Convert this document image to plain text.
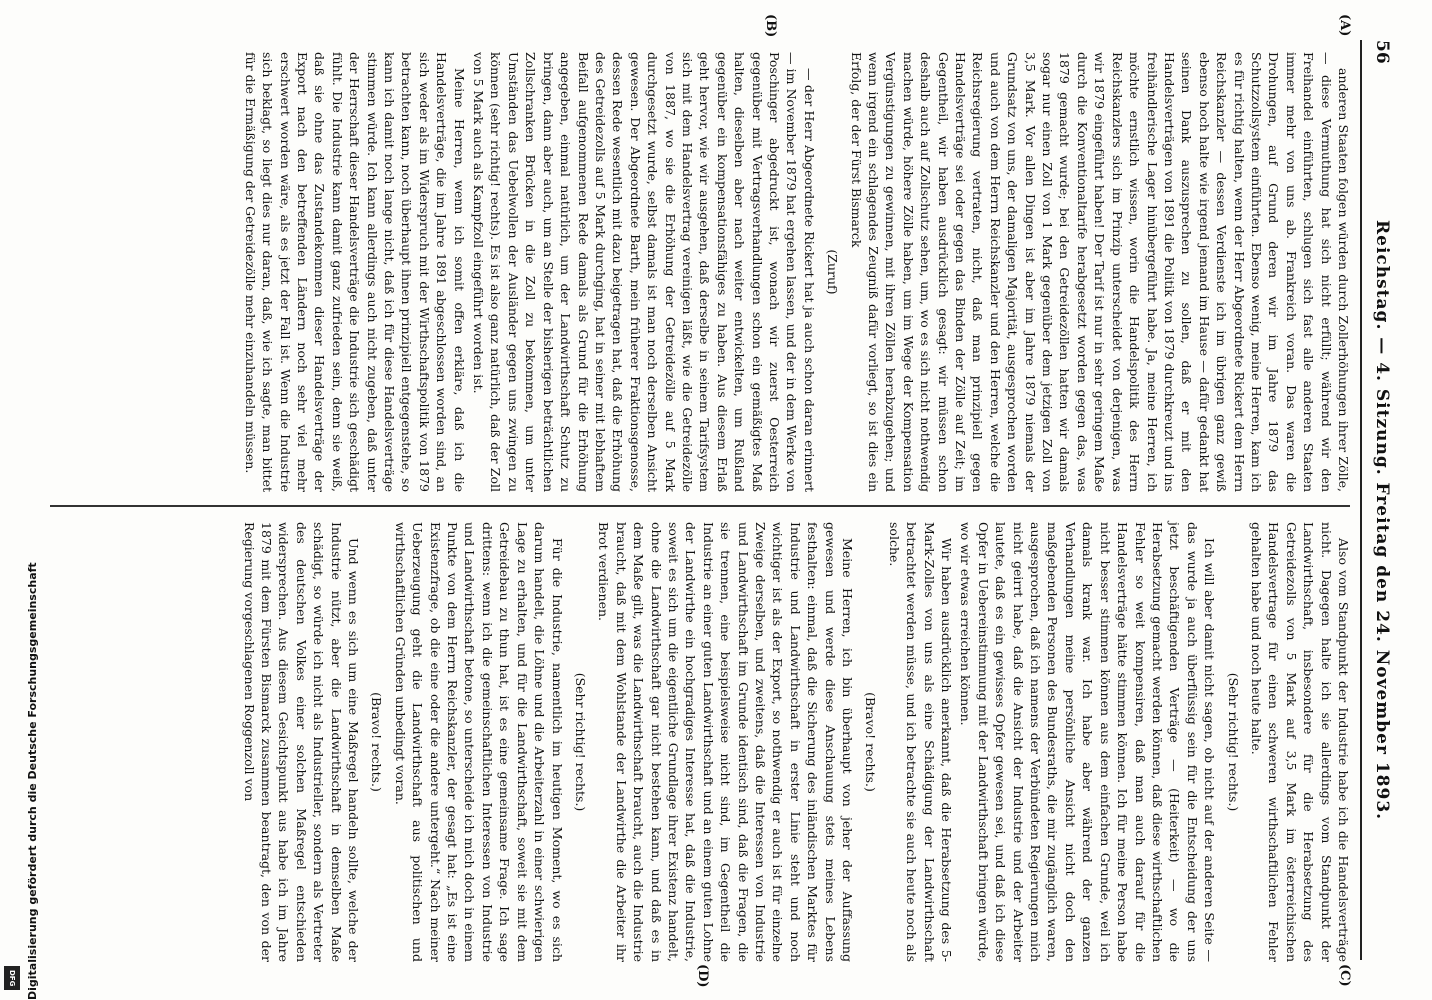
56
Reichstag. — 4. Sitzung. Freitag den 24. November 1893.
(A)
(B)
(C)
(D)

anderen Staaten folgen würden durch Zollerhöhungen ihrer Zölle, — diese Vermuthung hat sich nicht erfüllt; während wir den Freihandel einführten, schlugen sich fast alle anderen Staaten immer mehr von uns ab. Frankreich voran. Das waren die Drohungen, auf Grund deren wir im Jahre 1879 das Schutzzollsystem einführten. Ebenso wenig, meine Herren, kam ich es für richtig halten, wenn der Herr Abgeordnete Rickert dem Herrn Reichskanzler — dessen Verdienste ich im übrigen ganz gewiß ebenso hoch halte wie irgend jemand im Hause — dafür gedankt hat seinen Dank auszusprechen zu sollen, daß er mit den Handelsverträgen von 1891 die Politik von 1879 durchkreuzt und ins freihändlerische Lager hinübergeführt habe. Ja, meine Herren, ich möchte ernstlich wissen, worin die Handelspolitik des Herrn Reichskanzlers sich im Prinzip unterscheidet von derjenigen, was wir 1879 eingeführt haben! Der Tarif ist nur in sehr geringem Maße durch die Konventionaltarife herabgesetzt worden gegen das, was 1879 gemacht wurde; bei den Getreidezöllen hatten wir damals sogar nur einen Zoll von 1 Mark gegenüber dem jetzigen Zoll von 3,5 Mark. Vor allen Dingen ist aber im Jahre 1879 niemals der Grundsatz von uns, der damaligen Majorität, ausgesprochen worden und auch von dem Herrn Reichskanzler und den Herren, welche die Reichsregierung vertraten, nicht, daß man prinzipiell gegen Handelsverträge sei oder gegen das Binden der Zölle auf Zeit; im Gegentheil, wir haben ausdrücklich gesagt: wir müssen schon deshalb auch auf Zollschutz sehen, um, wo es sich nicht nothwendig machen würde, höhere Zölle haben, um im Wege der Kompensation Vergünstigungen zu gewinnen, mit ihren Zöllen herabzugehen; und wenn irgend ein schlagendes Zeugniß dafür vorliegt, so ist dies ein Erfolg, der der Fürst Bismarck

(Zuruf)

— der Herr Abgeordnete Rickert hat ja auch schon daran erinnert — im November 1879 hat ergehen lassen, und der in dem Werke von Poschinger abgedruckt ist, wonach wir zuerst Oesterreich gegenüber mit Vertragsverhandlungen schon ein gemäßigtes Maß halten, dieselben aber nach weiter entwickelten, um Rußland gegenüber ein kompensationsfähiges zu haben. Aus diesem Erlaß geht hervor, wie wir ausgehen, daß derselbe in seinem Tarifsystem sich mit dem Handelsvertrag vereinigen läßt, wie die Getreidezölle von 1887, wo sie die Erhöhung der Getreidezölle auf 5 Mark durchgesetzt wurde, selbst damals ist man noch derselben Ansicht gewesen. Der Abgeordnete Barth, mein früherer Fraktionsgenosse, dessen Rede wesentlich mit dazu beigetragen hat, daß die Erhöhung des Getreidezolls auf 5 Mark durchging, hat in seiner mit lebhaftem Beifall aufgenommenen Rede damals als Grund für die Erhöhung angegeben, einmal natürlich, um der Landwirthschaft Schutz zu bringen, dann aber auch, um an Stelle der bisherigen beträchtlichen Zollschranken Brücken in die Zoll zu bekommen, um unter Umständen das Uebelwollen der Ausländer gegen uns zwingen zu können (sehr richtig! rechts). Es ist also ganz natürlich, daß der Zoll von 5 Mark auch als Kampfzoll eingeführt worden ist.

Meine Herren, wenn ich somit offen erkläre, daß ich die Handelsverträge, die im Jahre 1891 abgeschlossen worden sind, an sich weder als im Widerspruch mit der Wirthschaftspolitik von 1879 betrachten kann, noch überhaupt ihnen prinzipiell entgegenstehe, so kann ich damit noch lange nicht, daß ich für diese Handelsverträge stimmen würde. Ich kann allerdings auch nicht zugeben, daß unter der Herrschaft dieser Handelsverträge die Industrie sich geschädigt fühlt. Die Industrie kann damit ganz zufrieden sein, denn sie weiß, daß sie ohne das Zustandekommen dieser Handelsverträge der Export nach den betreffenden Ländern noch sehr viel mehr erschwert worden wäre, als es jetzt der Fall ist. Wenn die Industrie sich beklagt, so liegt dies nur daran, daß, wie ich sagte, man bittet für die Ermäßigung der Getreidezölle mehr einzuhandeln müssen.

Also vom Standpunkt der Industrie habe ich die Handelsverträge nicht. Dagegen halte ich sie allerdings vom Standpunkt der Landwirthschaft, insbesondere für die Herabsetzung des Getreidezolls von 5 Mark auf 3,5 Mark im österreichischen Handelsvertrage für einen schweren wirthschaftlichen Fehler gehalten habe und noch heute halte.

(Sehr richtig! rechts.)

Ich will aber damit nicht sagen, ob nicht auf der anderen Seite — das wurde ja auch überflüssig sein für die Entscheidung der uns jetzt beschäftigenden Verträge — (Heiterkeit) — wo die Herabsetzung gemacht werden können, daß diese wirthschaftlichen Fehler so weit kompensiren, daß man auch darauf für die Handelsverträge hätte stimmen können. Ich für meine Person habe nicht besser stimmen können aus dem einfachen Grunde, weil ich damals krank war. Ich habe aber während der ganzen Verhandlungen meine persönliche Ansicht nicht doch den maßgebenden Personen des Bundesraths, die mir zugänglich waren, ausgesprochen, daß ich namens der Verbündeten Regierungen mich nicht geirrt habe, daß die Ansicht der Industrie und der Arbeiter lautete, daß es ein gewisses Opfer gewesen sei, und daß ich diese Opfer in Uebereinstimmung mit der Landwirthschaft bringen würde, wo wir etwas erreichen können.

Wir haben ausdrücklich anerkannt, daß die Herabsetzung des 5-Mark-Zolles von uns als eine Schädigung der Landwirthschaft betrachtet werden müsse, und ich betrachte sie auch heute noch als solche.

(Bravo! rechts.)

Meine Herren, ich bin überhaupt von jeher der Auffassung gewesen und werde diese Anschauung stets meines Lebens festhalten: einmal, daß die Sicherung des inländischen Marktes für Industrie und Landwirthschaft in erster Linie steht und noch wichtiger ist als der Export, so nothwendig er auch ist für einzelne Zweige derselben, und zweitens, daß die Interessen von Industrie und Landwirthschaft im Grunde identisch sind, daß die Fragen, die sie trennen, eine beispielsweise nicht sind, im Gegentheil die Industrie an einer guten Landwirthschaft und an einem guten Lohne der Landwirthe ein hochgradiges Interesse hat, daß die Industrie, soweit es sich um die eigentliche Grundlage ihrer Existenz handelt, ohne die Landwirthschaft gar nicht bestehen kann, und daß es in dem Maße gilt, was die Landwirthschaft braucht, auch die Industrie braucht, daß mit dem Wohlstande der Landwirthe die Arbeiter ihr Brot verdienen.

(Sehr richtig! rechts.)

Für die Industrie, namentlich im heutigen Moment, wo es sich darum handelt, die Löhne und die Arbeiterzahl in einer schwierigen Lage zu erhalten, und für die Landwirthschaft, soweit sie mit dem Getreidebau zu thun hat, ist es eine gemeinsame Frage. Ich sage drittens: wenn ich die gemeinschaftlichen Interessen von Industrie und Landwirthschaft betone, so unterscheide ich mich doch in einem Punkte von dem Herrn Reichskanzler, der gesagt hat: „Es ist eine Existenzfrage, ob die eine oder die andere untergeht.“ Nach meiner Ueberzeugung geht die Landwirthschaft aus politischen und wirthschaftlichen Gründen unbedingt voran.

(Bravo! rechts.)

Und wenn es sich um eine Maßregel handeln sollte, welche der Industrie nützt, aber die Landwirthschaft in demselben Maße schädigt, so würde ich nicht als Industrieller, sondern als Vertreter des deutschen Volkes einer solchen Maßregel entschieden widersprechen. Aus diesem Gesichtspunkt aus habe ich im Jahre 1879 mit dem Fürsten Bismarck zusammen beantragt, den von der Regierung vorgeschlagenen Roggenzoll von

Digitalisierung gefördert durch die Deutsche Forschungsgemeinschaft
DFG
